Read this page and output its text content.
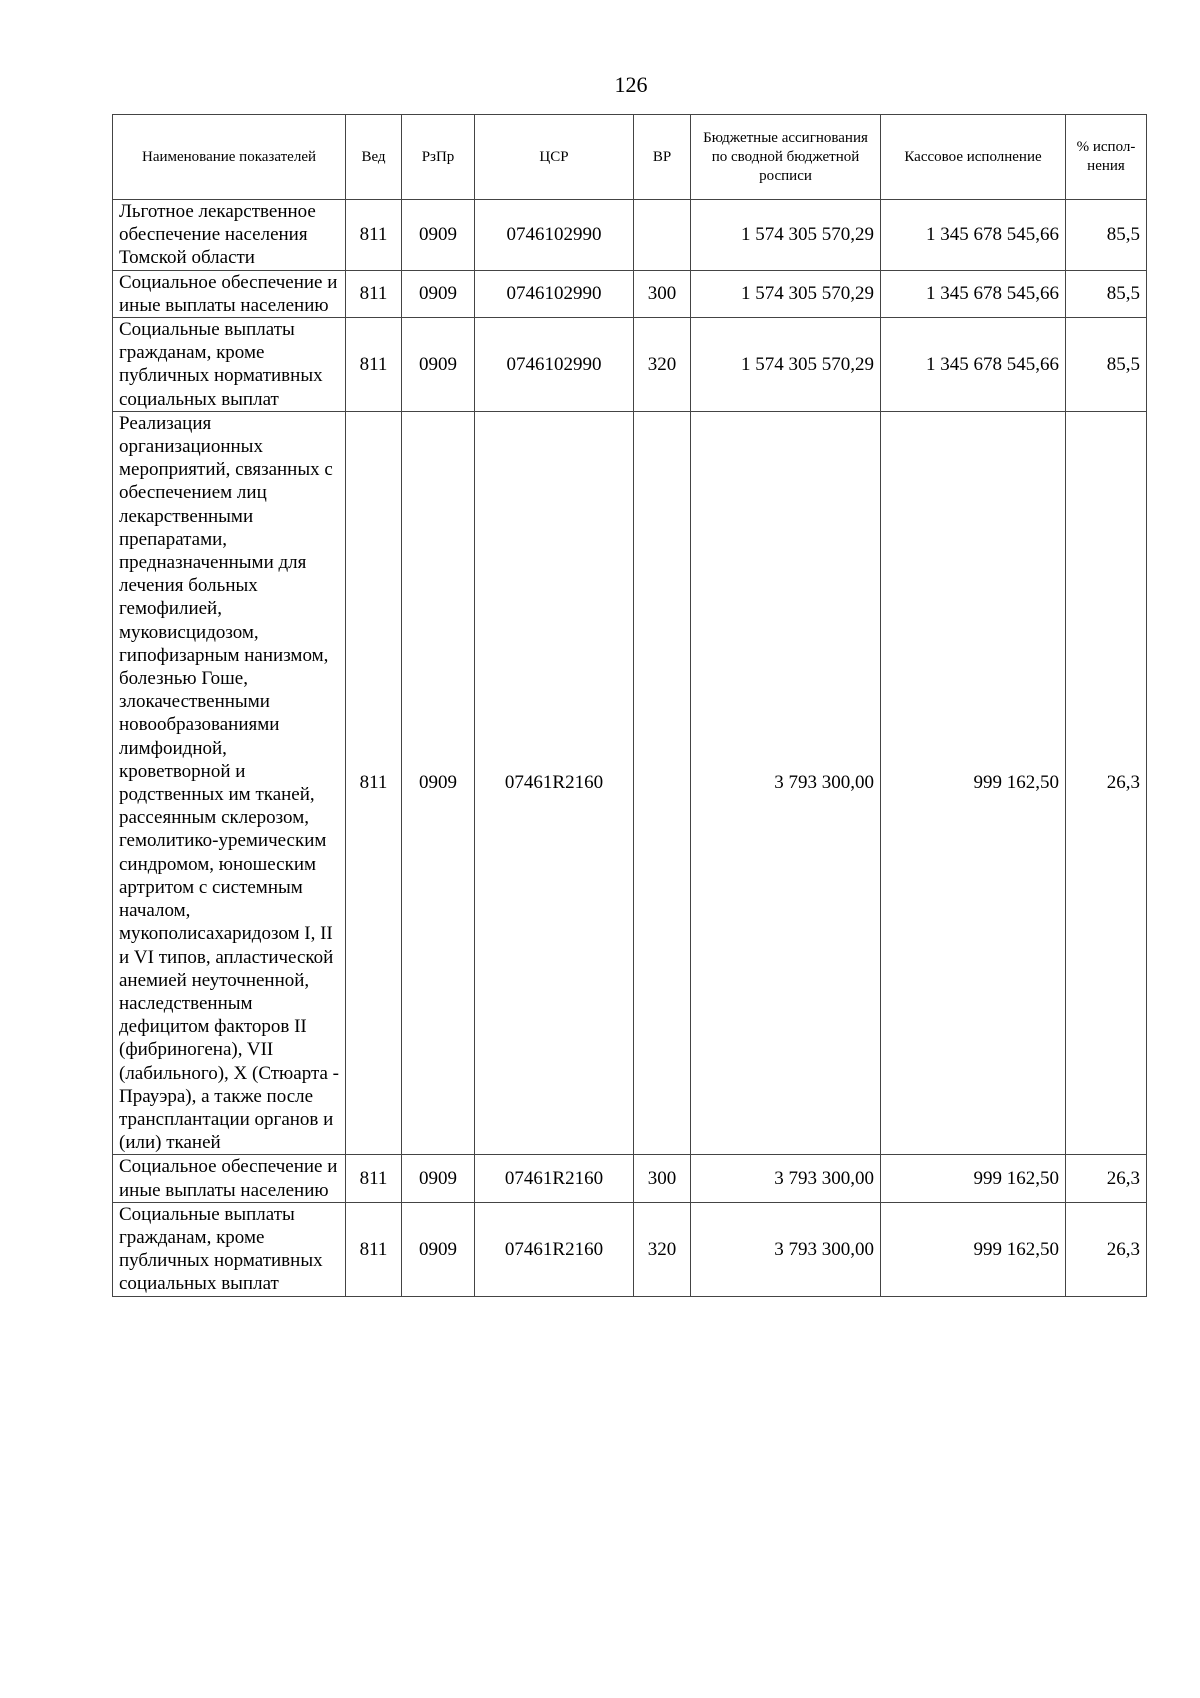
126
Наименование показателей	Вед	РзПр	ЦСР	ВР	Бюджетные ассигнования по сводной бюджетной росписи	Кассовое исполнение	% испол-нения
Льготное лекарственное обеспечение населения Томской области	811	0909	0746102990		1 574 305 570,29	1 345 678 545,66	85,5
Социальное обеспечение и иные выплаты населению	811	0909	0746102990	300	1 574 305 570,29	1 345 678 545,66	85,5
Социальные выплаты гражданам, кроме публичных нормативных социальных выплат	811	0909	0746102990	320	1 574 305 570,29	1 345 678 545,66	85,5
Реализация организационных мероприятий, связанных с обеспечением лиц лекарственными препаратами, предназначенными для лечения больных гемофилией, муковисцидозом, гипофизарным нанизмом, болезнью Гоше, злокачественными новообразованиями лимфоидной, кроветворной и родственных им тканей, рассеянным склерозом, гемолитико-уремическим синдромом, юношеским артритом с системным началом, мукополисахаридозом I, II и VI типов, апластической анемией неуточненной, наследственным дефицитом факторов II (фибриногена), VII (лабильного), X (Стюарта - Прауэра), а также после трансплантации органов и (или) тканей	811	0909	07461R2160		3 793 300,00	999 162,50	26,3
Социальное обеспечение и иные выплаты населению	811	0909	07461R2160	300	3 793 300,00	999 162,50	26,3
Социальные выплаты гражданам, кроме публичных нормативных социальных выплат	811	0909	07461R2160	320	3 793 300,00	999 162,50	26,3
